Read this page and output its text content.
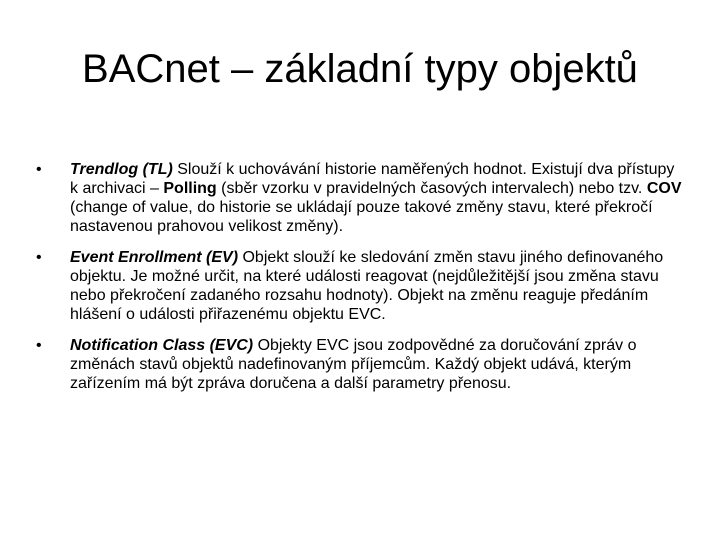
BACnet – základní typy objektů
•	Trendlog (TL) Slouží k uchovávání historie naměřených hodnot. Existují dva přístupy k archivaci – Polling (sběr vzorku v pravidelných časových intervalech) nebo tzv. COV (change of value, do historie se ukládají pouze takové změny stavu, které překročí nastavenou prahovou velikost změny).
•	Event Enrollment (EV) Objekt slouží ke sledování změn stavu jiného definovaného objektu. Je možné určit, na které události reagovat (nejdůležitější jsou změna stavu nebo překročení zadaného rozsahu hodnoty). Objekt na změnu reaguje předáním hlášení o události přiřazenému objektu EVC.
•	Notification Class (EVC) Objekty EVC jsou zodpovědné za doručování zpráv o změnách stavů objektů nadefinovaným příjemcům. Každý objekt udává, kterým zařízením má být zpráva doručena a další parametry přenosu.
